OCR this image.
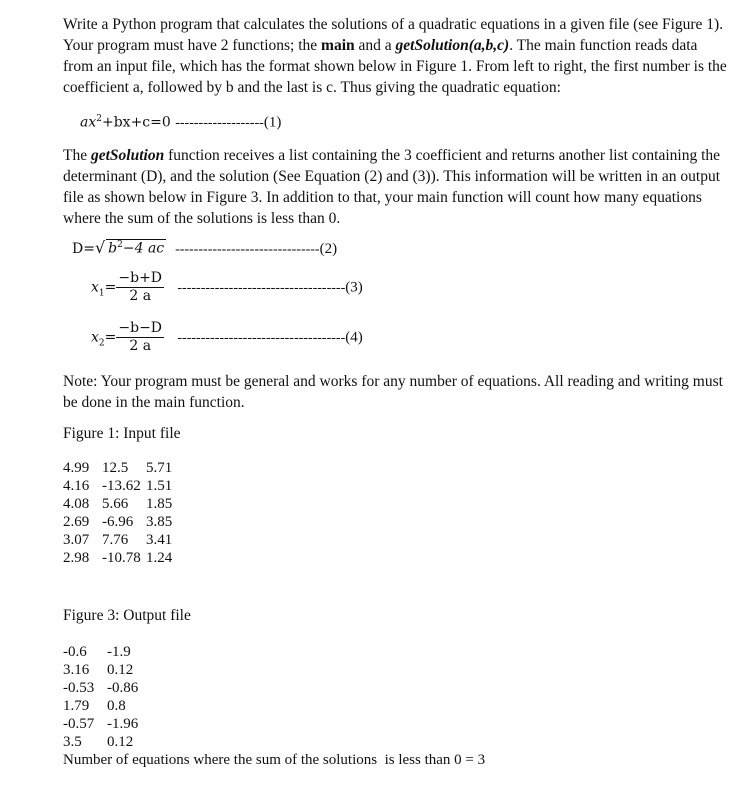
Write a Python program that calculates the solutions of a quadratic equations in a given file (see Figure 1). Your program must have 2 functions; the main and a getSolution(a,b,c). The main function reads data from an input file, which has the format shown below in Figure 1. From left to right, the first number is the coefficient a, followed by b and the last is c. Thus giving the quadratic equation:
$ax^2+bx+c=0$ -------------------(1)
The getSolution function receives a list containing the 3 coefficient and returns another list containing the determinant (D), and the solution (See Equation (2) and (3)). This information will be written in an output file as shown below in Figure 3. In addition to that, your main function will count how many equations where the sum of the solutions is less than 0.
D=√ $b^2-4$ ac -------------------------------(2)
$x_1= \frac{-b+D}{2 a} ------------------------------------(3)$
$x_2= \frac{-b-D}{2 a} ------------------------------------(4)$
Note: Your program must be general and works for any number of equations. All reading and writing must be done in the main function.
Figure 1: Input file
4.99 12.5 5.71
4.16 -13.62 1.51
4.08 5.66 1.85
2.69 -6.96 3.85
3.07 7.76 3.41
2.98 -10.78 1.24
Figure 3: Output file
-0.6 -1.9
3.16 0.12
-0.53 -0.86
1.79 0.8
-0.57 -1.96
3.5 0.12
Number of equations where the sum of the solutions  is less than 0 = 3
